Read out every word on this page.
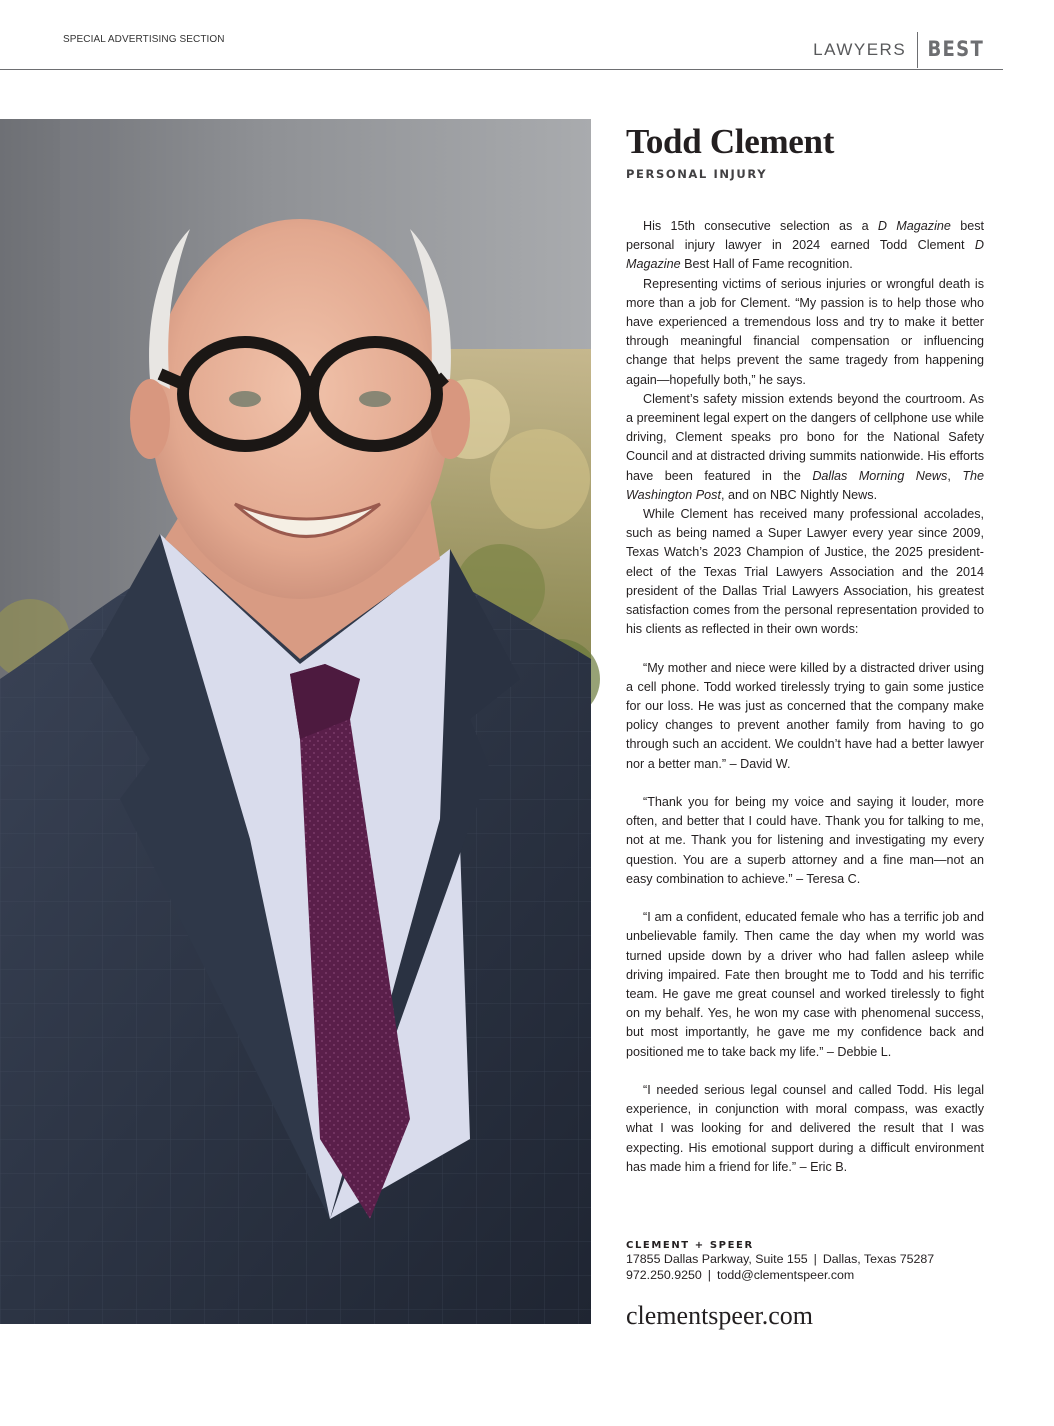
SPECIAL ADVERTISING SECTION
LAWYERS	BEST
VANESSA GAVALYA
Todd Clement
PERSONAL INJURY

His 15th consecutive selection as a D Magazine best personal injury lawyer in 2024 earned Todd Clement D Magazine Best Hall of Fame recognition.

Representing victims of serious injuries or wrongful death is more than a job for Clement. “My passion is to help those who have experienced a tremendous loss and try to make it better through meaningful financial compensation or influencing change that helps prevent the same tragedy from happening again—hopefully both,” he says.

Clement’s safety mission extends beyond the courtroom. As a preeminent legal expert on the dangers of cellphone use while driving, Clement speaks pro bono for the National Safety Council and at distracted driving summits nationwide. His efforts have been featured in the Dallas Morning News, The Washington Post, and on NBC Nightly News.

While Clement has received many professional accolades, such as being named a Super Lawyer every year since 2009, Texas Watch’s 2023 Champion of Justice, the 2025 president-elect of the Texas Trial Lawyers Association and the 2014 president of the Dallas Trial Lawyers Association, his greatest satisfaction comes from the personal representation provided to his clients as reflected in their own words:

“My mother and niece were killed by a distracted driver using a cell phone. Todd worked tirelessly trying to gain some justice for our loss. He was just as concerned that the company make policy changes to prevent another family from having to go through such an accident. We couldn’t have had a better lawyer nor a better man.” – David W.

“Thank you for being my voice and saying it louder, more often, and better that I could have. Thank you for talking to me, not at me. Thank you for listening and investigating my every question. You are a superb attorney and a fine man—not an easy combination to achieve.” – Teresa C.

“I am a confident, educated female who has a terrific job and unbelievable family. Then came the day when my world was turned upside down by a driver who had fallen asleep while driving impaired. Fate then brought me to Todd and his terrific team. He gave me great counsel and worked tirelessly to fight on my behalf. Yes, he won my case with phenomenal success, but most importantly, he gave me my confidence back and positioned me to take back my life.” – Debbie L.

“I needed serious legal counsel and called Todd. His legal experience, in conjunction with moral compass, was exactly what I was looking for and delivered the result that I was expecting. His emotional support during a difficult environment has made him a friend for life.” – Eric B.

CLEMENT + SPEER
17855 Dallas Parkway, Suite 155 | Dallas, Texas 75287
972.250.9250 | todd@clementspeer.com
clementspeer.com
